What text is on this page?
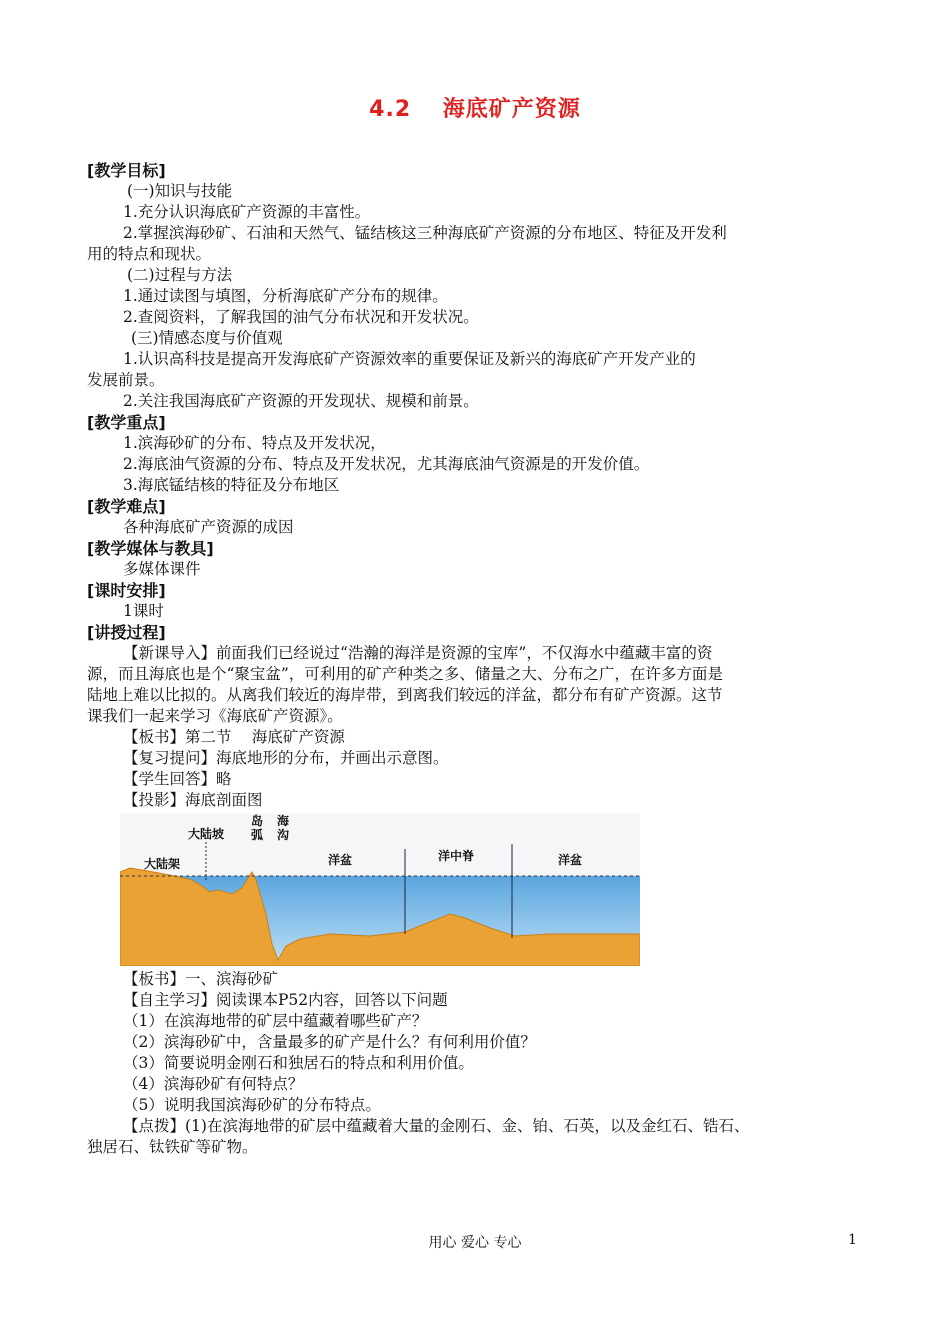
4.2　 海底矿产资源

[教学目标]

(一)知识与技能

1.充分认识海底矿产资源的丰富性。

2.掌握滨海砂矿、石油和天然气、锰结核这三种海底矿产资源的分布地区、特征及开发利

用的特点和现状。

(二)过程与方法

1.通过读图与填图，分析海底矿产分布的规律。

2.查阅资料，了解我国的油气分布状况和开发状况。

(三)情感态度与价值观

1.认识高科技是提高开发海底矿产资源效率的重要保证及新兴的海底矿产开发产业的

发展前景。

2.关注我国海底矿产资源的开发现状、规模和前景。

[教学重点]

1.滨海砂矿的分布、特点及开发状况，

2.海底油气资源的分布、特点及开发状况，尤其海底油气资源是的开发价值。

3.海底锰结核的特征及分布地区

[教学难点]

各种海底矿产资源的成因

[教学媒体与教具]

多媒体课件

[课时安排]

1课时

[讲授过程]

【新课导入】前面我们已经说过“浩瀚的海洋是资源的宝库”，不仅海水中蕴藏丰富的资

源，而且海底也是个“聚宝盆”，可利用的矿产种类之多、储量之大、分布之广，在许多方面是

陆地上难以比拟的。从离我们较近的海岸带，到离我们较远的洋盆，都分布有矿产资源。这节

课我们一起来学习《海底矿产资源》。

【板书】第二节　 海底矿产资源

【复习提问】海底地形的分布，并画出示意图。

【学生回答】略

【投影】海底剖面图

大陆架
大陆坡
岛
弧
海
沟
洋盆	洋中脊	洋盆

【板书】一、滨海砂矿

【自主学习】阅读课本P52内容，回答以下问题

（1）在滨海地带的矿层中蕴藏着哪些矿产？

（2）滨海砂矿中，含量最多的矿产是什么？有何利用价值？

（3）简要说明金刚石和独居石的特点和利用价值。

（4）滨海砂矿有何特点？

（5）说明我国滨海砂矿的分布特点。

【点拨】(1)在滨海地带的矿层中蕴藏着大量的金刚石、金、铂、石英，以及金红石、锆石、

独居石、钛铁矿等矿物。

用心 爱心 专心	1
